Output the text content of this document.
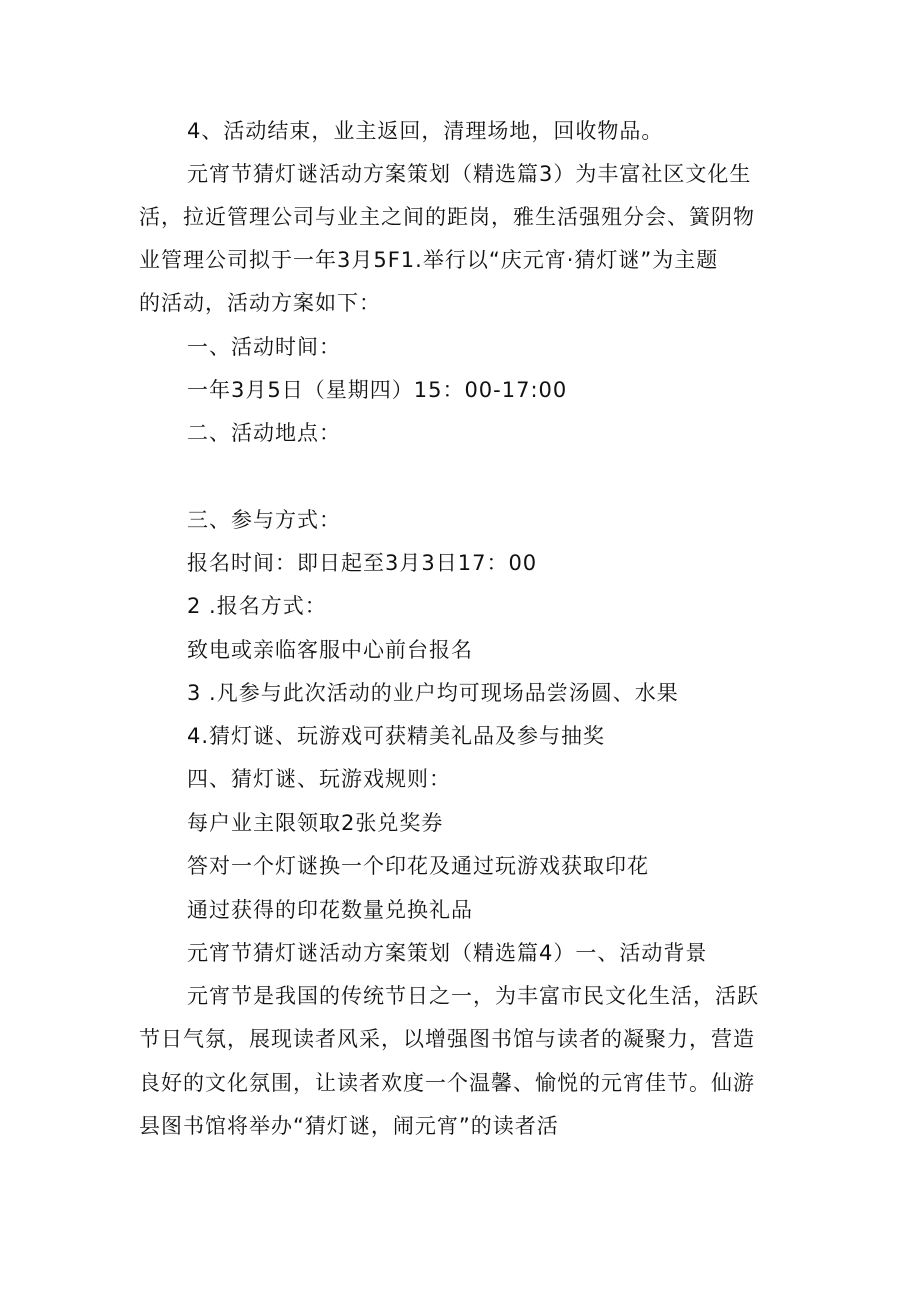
4、活动结束，业主返回，清理场地，回收物品。
元宵节猜灯谜活动方案策划（精选篇3）为丰富社区文化生
活，拉近管理公司与业主之间的距岗，雅生活强殂分会、簧阴物
业管理公司拟于一年3月5F1.举行以“庆元宵·猜灯谜”为主题
的活动，活动方案如下：
一、活动时间：
一年3月5日（星期四）15：00-17:00
二、活动地点：
三、参与方式：
报名时间：即日起至3月3日17：00
2 .报名方式：
致电或亲临客服中心前台报名
3 .凡参与此次活动的业户均可现场品尝汤圆、水果
4.猜灯谜、玩游戏可获精美礼品及参与抽奖
四、猜灯谜、玩游戏规则：
每户业主限领取2张兑奖券
答对一个灯谜换一个印花及通过玩游戏获取印花
通过获得的印花数量兑换礼品
元宵节猜灯谜活动方案策划（精选篇4）一、活动背景
元宵节是我国的传统节日之一，为丰富市民文化生活，活跃
节日气氛，展现读者风采，以增强图书馆与读者的凝聚力，营造
良好的文化氛围，让读者欢度一个温馨、愉悦的元宵佳节。仙游
县图书馆将举办“猜灯谜，闹元宵”的读者活
